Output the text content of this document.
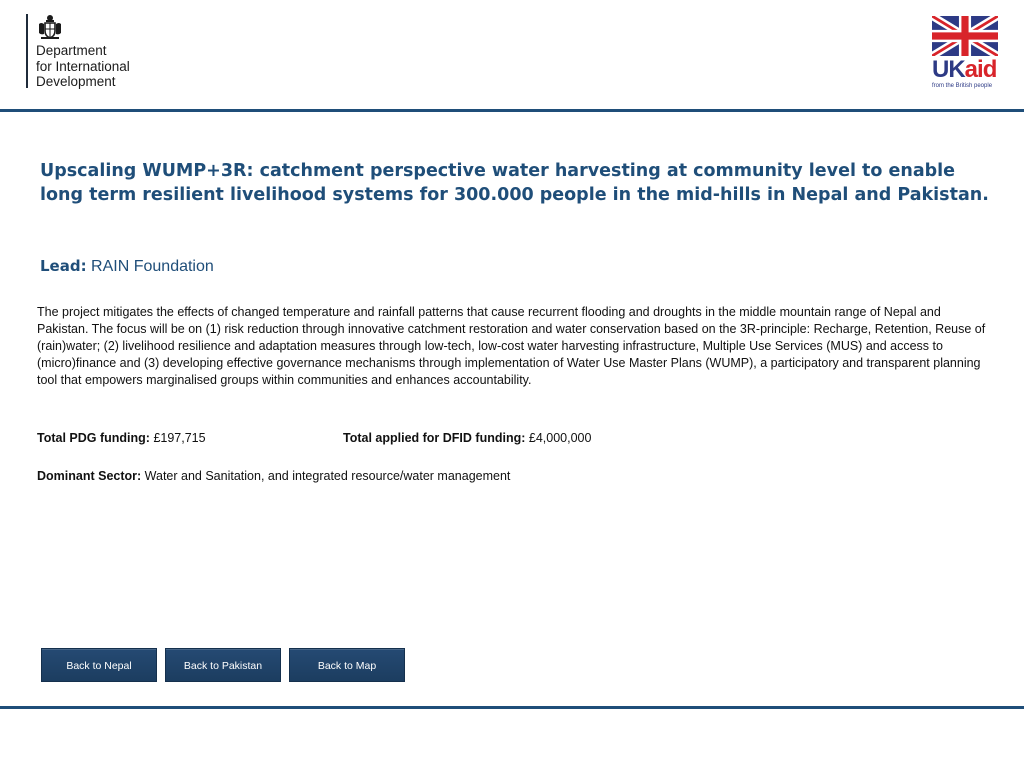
Department
for International
Development	UKaid
from the British people
Upscaling WUMP+3R: catchment perspective water harvesting at community level to enable long term resilient livelihood systems for 300.000 people in the mid-hills in Nepal and Pakistan.
Lead: RAIN Foundation

The project mitigates the effects of changed temperature and rainfall patterns that cause recurrent flooding and droughts in the middle mountain range of Nepal and Pakistan. The focus will be on (1) risk reduction through innovative catchment restoration and water conservation based on the 3R-principle: Recharge, Retention, Reuse of (rain)water; (2) livelihood resilience and adaptation measures through low-tech, low-cost water harvesting infrastructure, Multiple Use Services (MUS) and access to (micro)finance and (3) developing effective governance mechanisms through implementation of Water Use Master Plans (WUMP), a participatory and transparent planning tool that empowers marginalised groups within communities and enhances accountability.

Total PDG funding: £197,715	Total applied for DFID funding: £4,000,000
Dominant Sector: Water and Sanitation, and integrated resource/water management
Back to Nepal	Back to Pakistan	Back to Map
